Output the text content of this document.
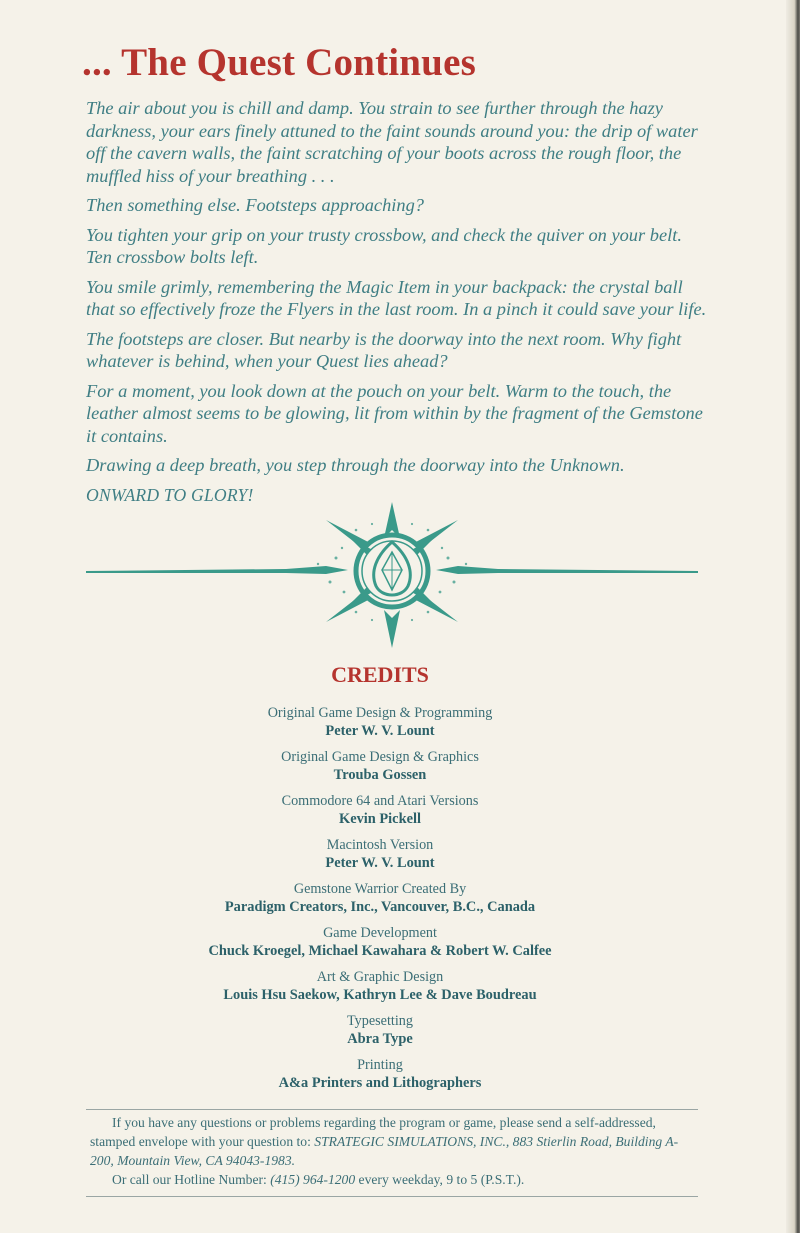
... The Quest Continues

The air about you is chill and damp. You strain to see further through the hazy darkness, your ears finely attuned to the faint sounds around you: the drip of water off the cavern walls, the faint scratching of your boots across the rough floor, the muffled hiss of your breathing . . .

Then something else. Footsteps approaching?

You tighten your grip on your trusty crossbow, and check the quiver on your belt. Ten crossbow bolts left.

You smile grimly, remembering the Magic Item in your backpack: the crystal ball that so effectively froze the Flyers in the last room. In a pinch it could save your life.

The footsteps are closer. But nearby is the doorway into the next room. Why fight whatever is behind, when your Quest lies ahead?

For a moment, you look down at the pouch on your belt. Warm to the touch, the leather almost seems to be glowing, lit from within by the fragment of the Gemstone it contains.

Drawing a deep breath, you step through the doorway into the Unknown.

ONWARD TO GLORY!

CREDITS
Original Game Design & Programming
Peter W. V. Lount
Original Game Design & Graphics
Trouba Gossen
Commodore 64 and Atari Versions
Kevin Pickell
Macintosh Version
Peter W. V. Lount
Gemstone Warrior Created By
Paradigm Creators, Inc., Vancouver, B.C., Canada
Game Development
Chuck Kroegel, Michael Kawahara & Robert W. Calfee
Art & Graphic Design
Louis Hsu Saekow, Kathryn Lee & Dave Boudreau
Typesetting
Abra Type
Printing
A&a Printers and Lithographers

If you have any questions or problems regarding the program or game, please send a self-addressed, stamped envelope with your question to: STRATEGIC SIMULATIONS, INC., 883 Stierlin Road, Building A-200, Mountain View, CA 94043-1983.

Or call our Hotline Number: (415) 964-1200 every weekday, 9 to 5 (P.S.T.).
